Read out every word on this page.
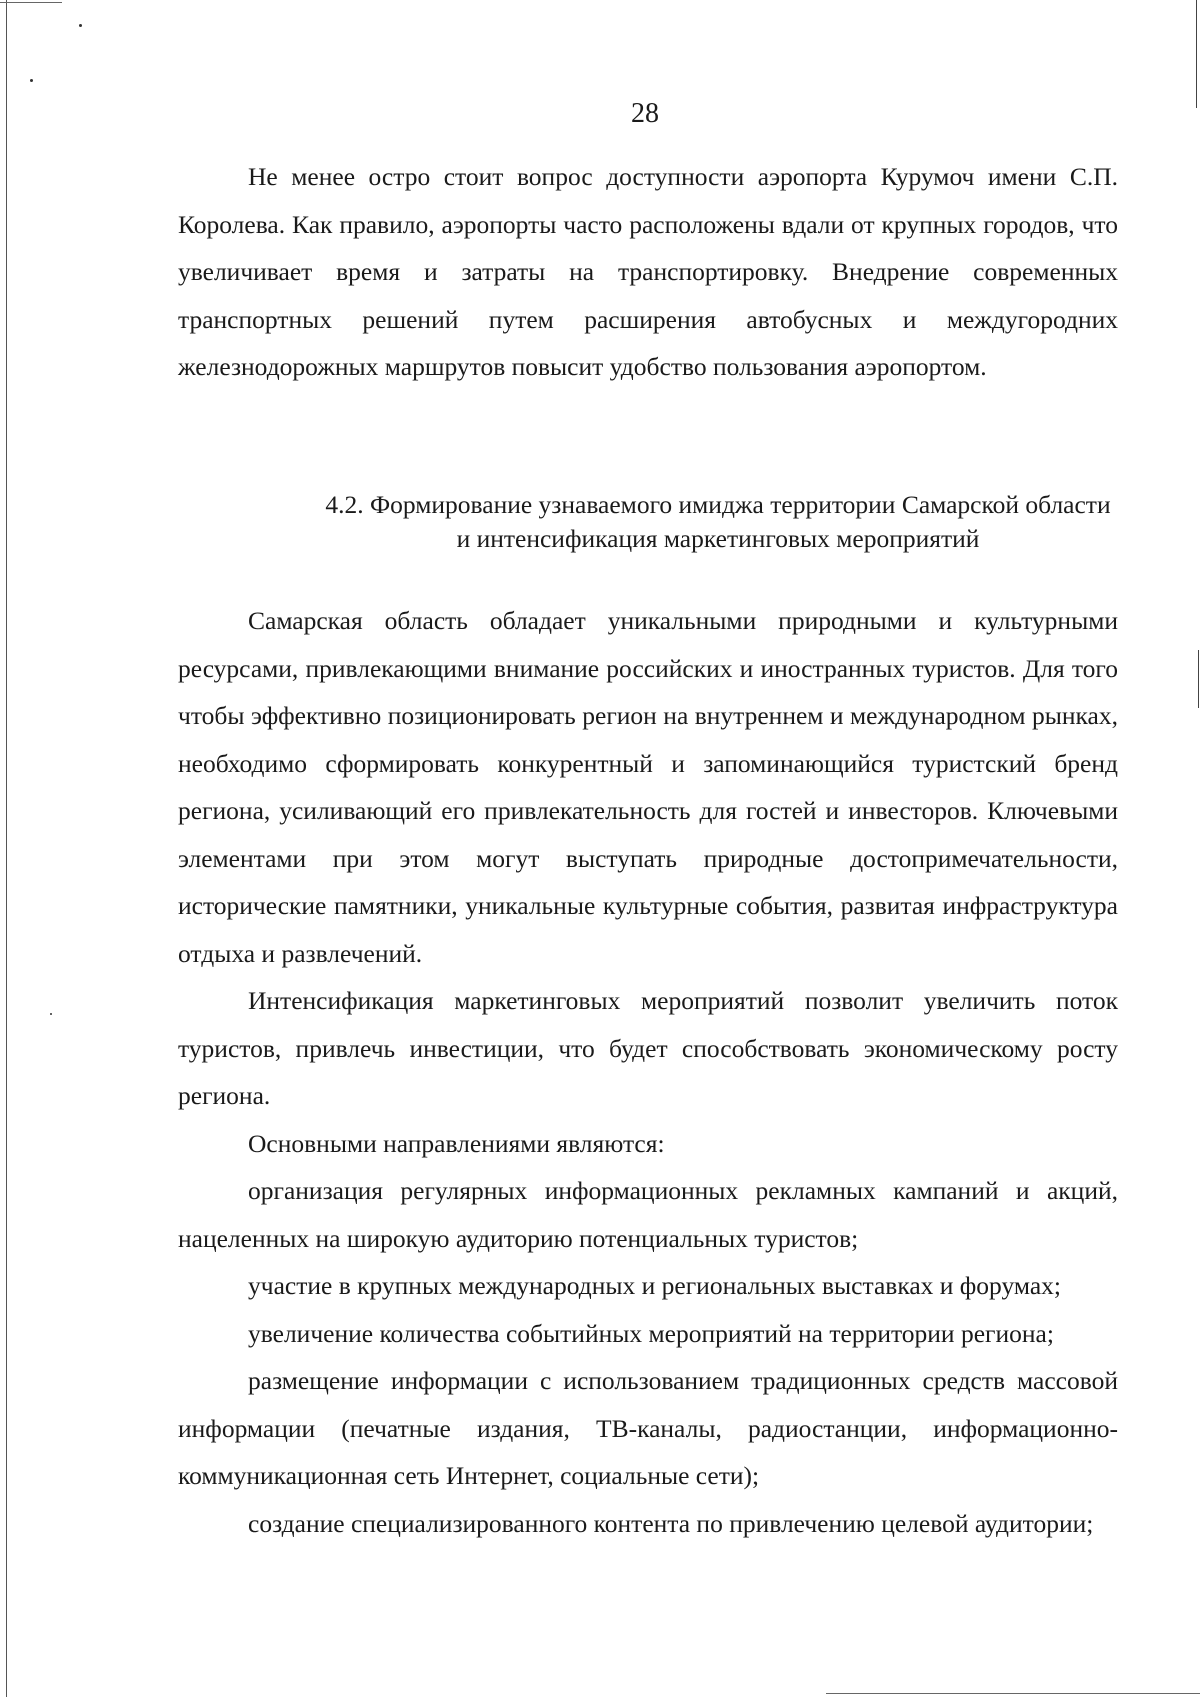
28

Не менее остро стоит вопрос доступности аэропорта Курумоч имени С.П. Королева. Как правило, аэропорты часто расположены вдали от крупных городов, что увеличивает время и затраты на транспортировку. Внедрение современных транспортных решений путем расширения автобусных и междугородних железнодорожных маршрутов повысит удобство пользования аэропортом.

4.2. Формирование узнаваемого имиджа территории Самарской области
и интенсификация маркетинговых мероприятий

Самарская область обладает уникальными природными и культурными ресурсами, привлекающими внимание российских и иностранных туристов. Для того чтобы эффективно позиционировать регион на внутреннем и международном рынках, необходимо сформировать конкурентный и запоминающийся туристский бренд региона, усиливающий его привлекательность для гостей и инвесторов. Ключевыми элементами при этом могут выступать природные достопримечательности, исторические памятники, уникальные культурные события, развитая инфраструктура отдыха и развлечений.

Интенсификация маркетинговых мероприятий позволит увеличить поток туристов, привлечь инвестиции, что будет способствовать экономическому росту региона.

Основными направлениями являются:

организация регулярных информационных рекламных кампаний и акций, нацеленных на широкую аудиторию потенциальных туристов;

участие в крупных международных и региональных выставках и форумах;

увеличение количества событийных мероприятий на территории региона;

размещение информации с использованием традиционных средств массовой информации (печатные издания, ТВ-каналы, радиостанции, информационно-коммуникационная сеть Интернет, социальные сети);

создание специализированного контента по привлечению целевой аудитории;
